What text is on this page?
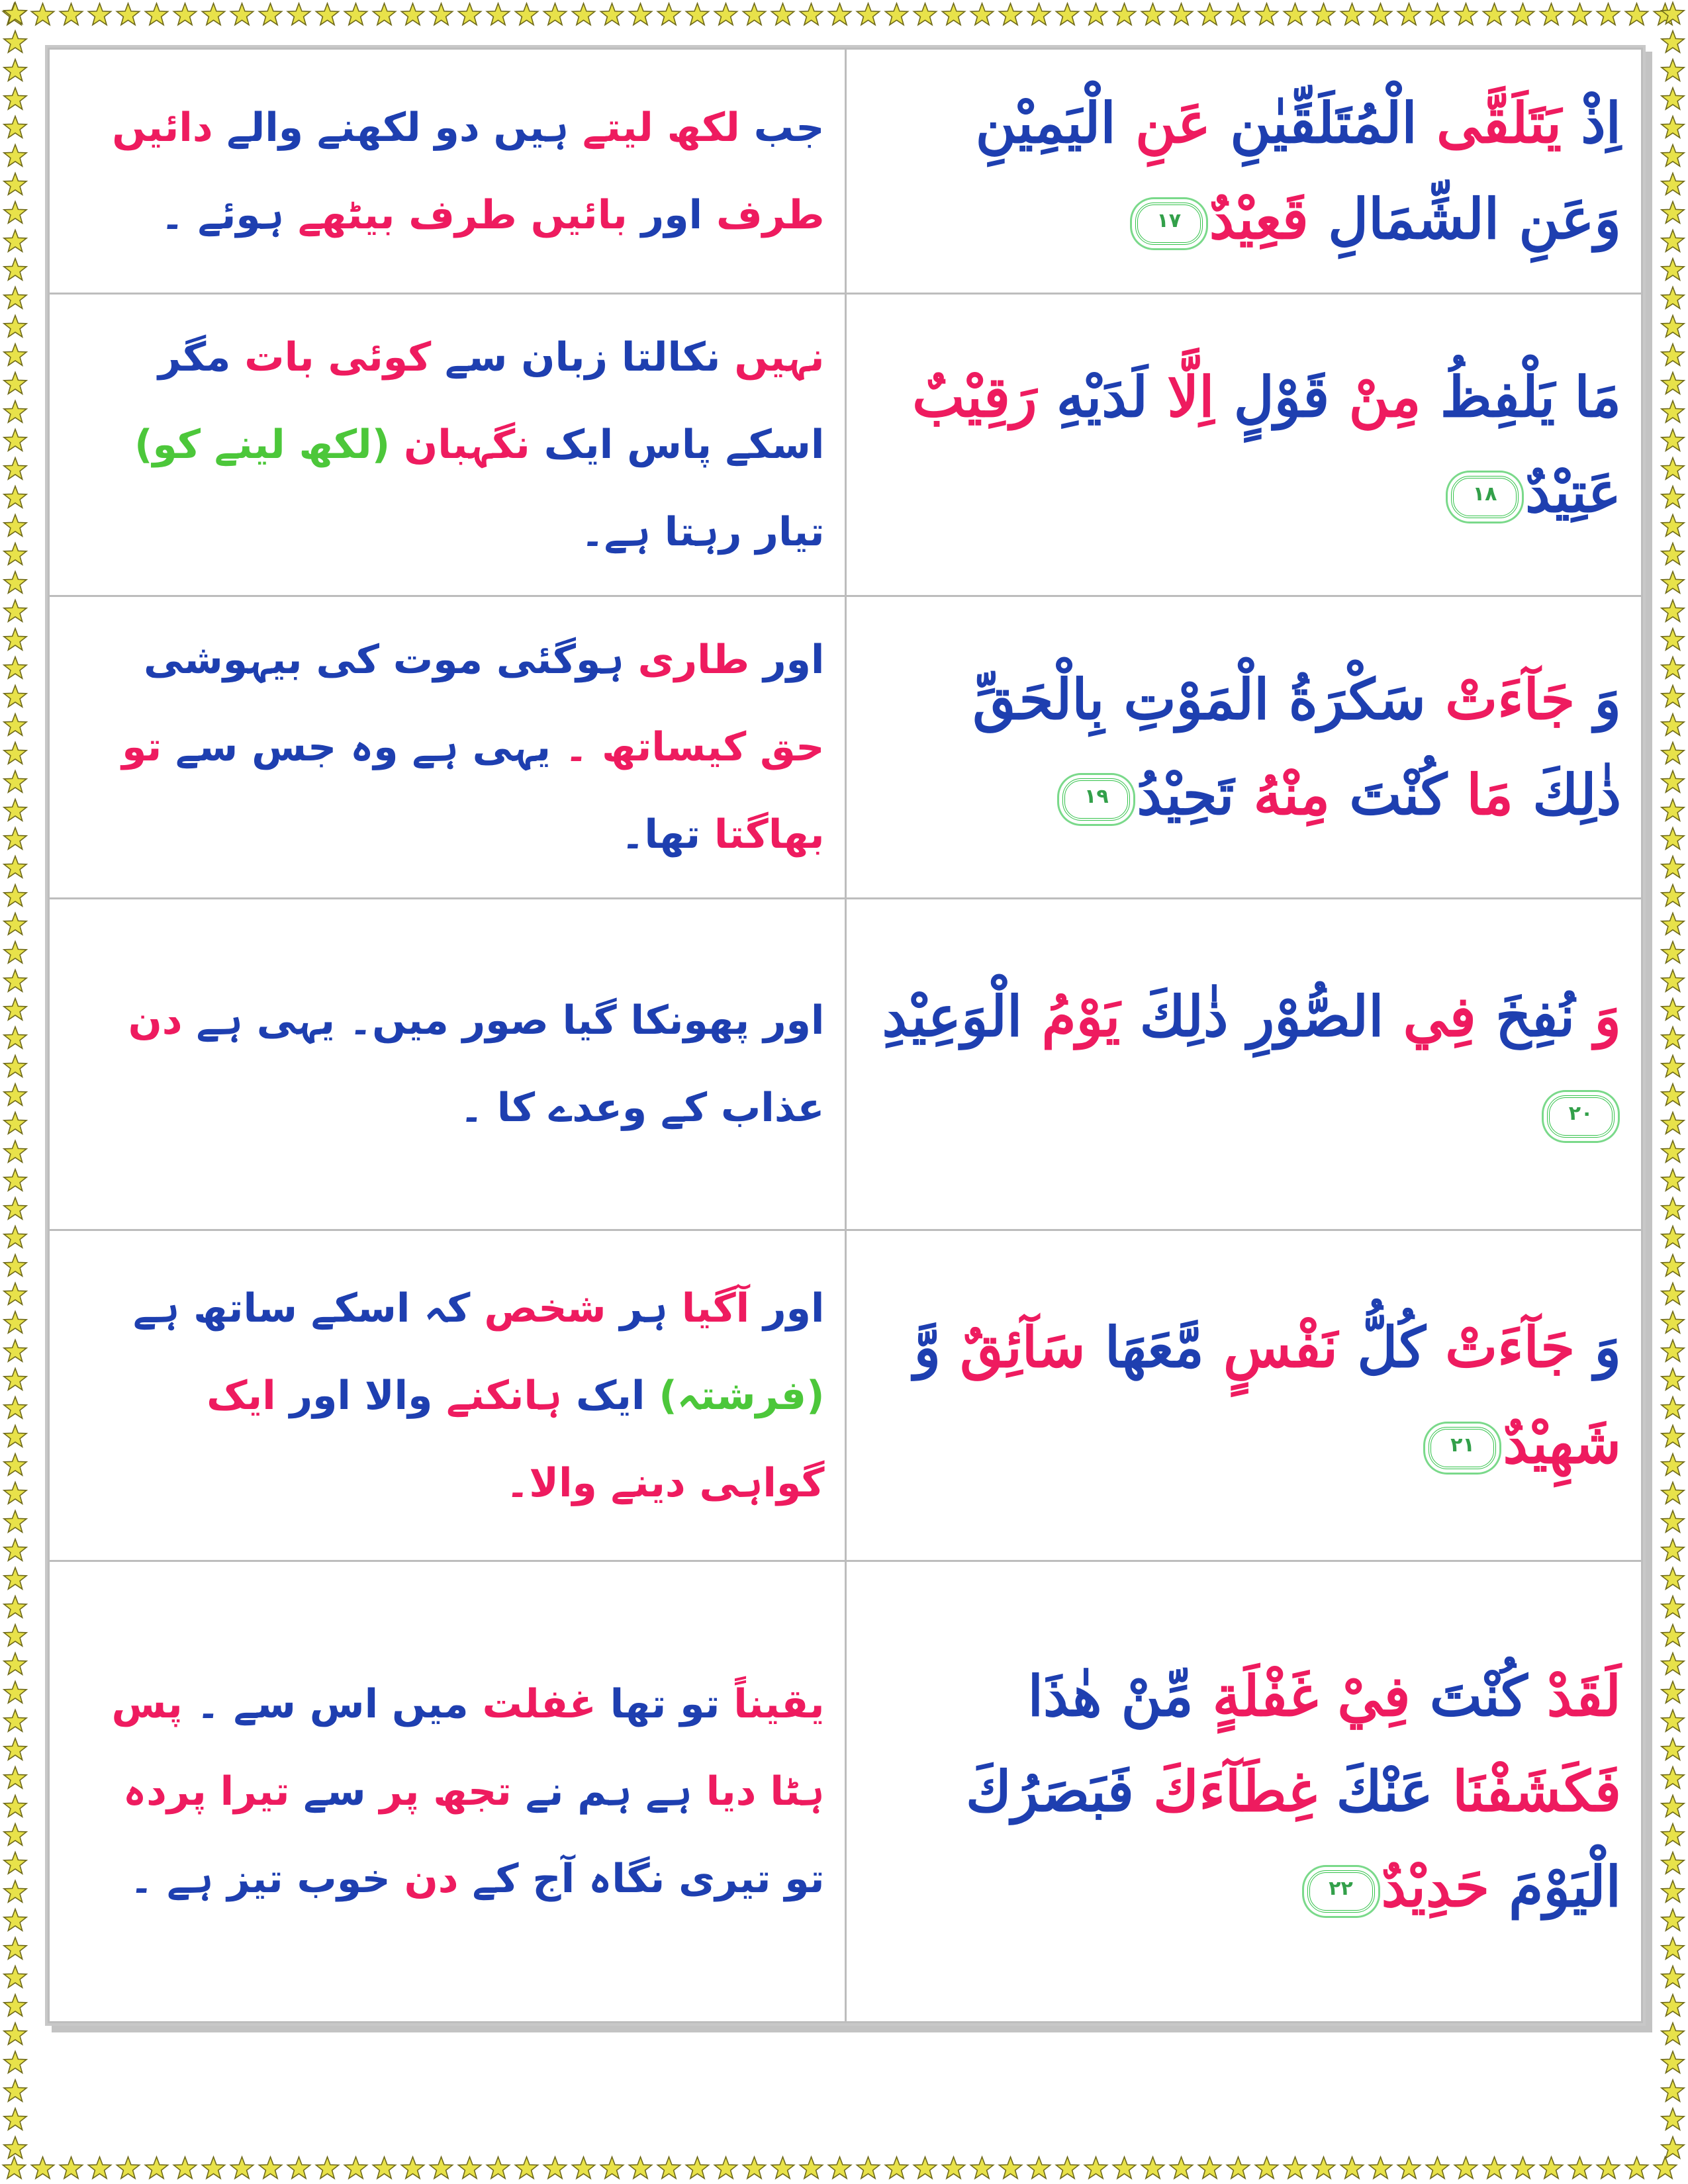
جب لکھ لیتے ہیں دو لکھنے والے دائیں طرف اور بائیں طرف بیٹھے ہوئے ۔	اِذْ يَتَلَقَّى الْمُتَلَقِّيٰنِ عَنِ الْيَمِيْنِ وَعَنِ الشِّمَالِ قَعِيْدٌ١٧
نہیں نکالتا زبان سے کوئی بات مگر اسکے پاس ایک نگہبان (لکھ لینے کو) تیار رہتا ہے۔	مَا يَلْفِظُ مِنْ قَوْلٍ اِلَّا لَدَيْهِ رَقِيْبٌ عَتِيْدٌ١٨
اور طاری ہوگئی موت کی بیہوشی حق کیساتھ ۔ یہی ہے وہ جس سے تو بھاگتا تھا۔	وَ جَآءَتْ سَكْرَةُ الْمَوْتِ بِالْحَقِّ ذٰلِكَ مَا كُنْتَ مِنْهُ تَحِيْدُ١٩
اور پھونکا گیا صور میں۔ یہی ہے دن عذاب کے وعدے کا ۔	وَ نُفِخَ فِي الصُّوْرِ ذٰلِكَ يَوْمُ الْوَعِيْدِ٢٠
اور آگیا ہر شخص کہ اسکے ساتھ ہے (فرشتہ) ایک ہانکنے والا اور ایک گواہی دینے والا۔	وَ جَآءَتْ كُلُّ نَفْسٍ مَّعَهَا سَآئِقٌ وَّ شَهِيْدٌ٢١
یقیناً تو تھا غفلت میں اس سے ۔ پس ہٹا دیا ہے ہم نے تجھ پر سے تیرا پردہ تو تیری نگاہ آج کے دن خوب تیز ہے ۔	لَقَدْ كُنْتَ فِيْ غَفْلَةٍ مِّنْ هٰذَا فَكَشَفْنَا عَنْكَ غِطَآءَكَ فَبَصَرُكَ الْيَوْمَ حَدِيْدٌ٢٢
